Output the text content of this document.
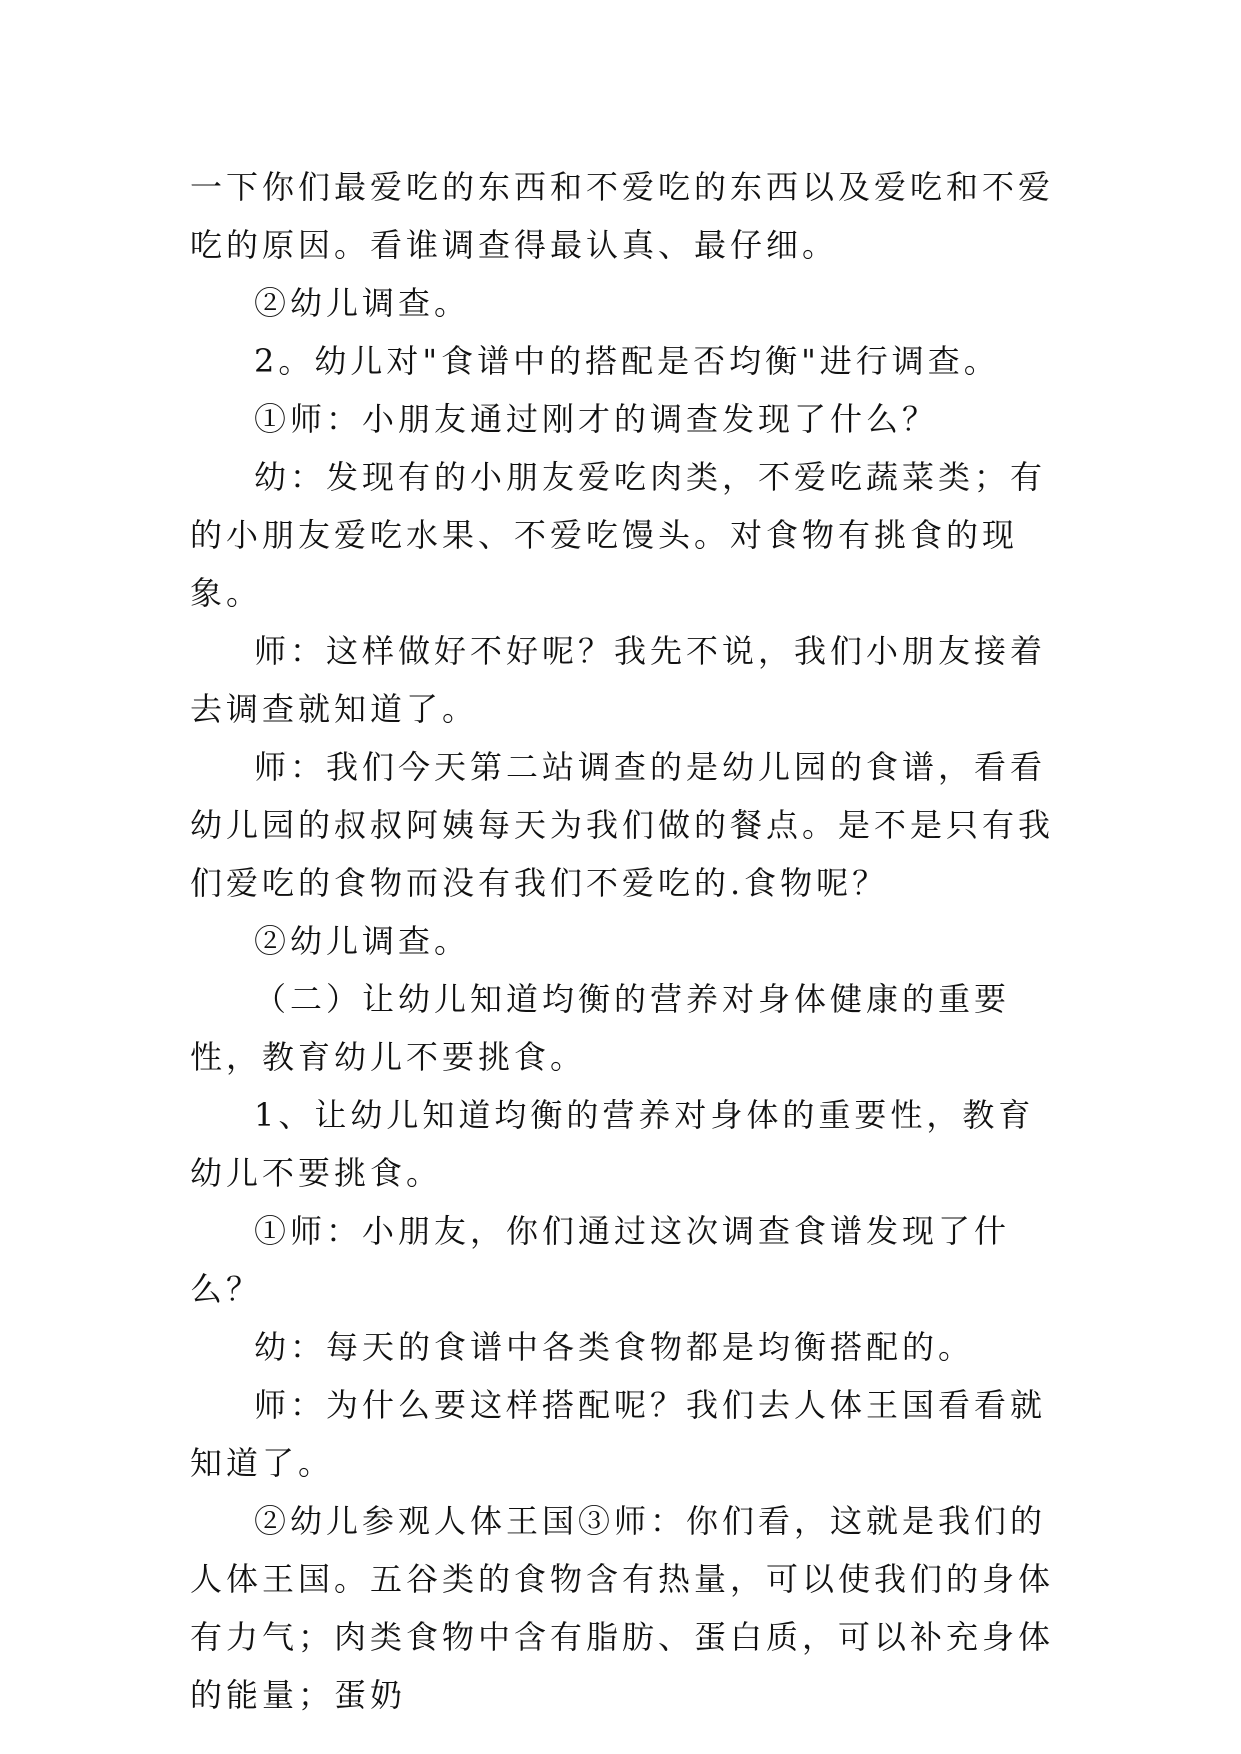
一下你们最爱吃的东西和不爱吃的东西以及爱吃和不爱吃的原因。看谁调查得最认真、最仔细。

②幼儿调查。

2。幼儿对"食谱中的搭配是否均衡"进行调查。

①师：小朋友通过刚才的调查发现了什么？

幼：发现有的小朋友爱吃肉类，不爱吃蔬菜类；有的小朋友爱吃水果、不爱吃馒头。对食物有挑食的现象。

师：这样做好不好呢？我先不说，我们小朋友接着去调查就知道了。

师：我们今天第二站调查的是幼儿园的食谱，看看幼儿园的叔叔阿姨每天为我们做的餐点。是不是只有我们爱吃的食物而没有我们不爱吃的.食物呢？

②幼儿调查。

（二）让幼儿知道均衡的营养对身体健康的重要性，教育幼儿不要挑食。

1、让幼儿知道均衡的营养对身体的重要性，教育幼儿不要挑食。

①师：小朋友，你们通过这次调查食谱发现了什么？

幼：每天的食谱中各类食物都是均衡搭配的。

师：为什么要这样搭配呢？我们去人体王国看看就知道了。

②幼儿参观人体王国③师：你们看，这就是我们的人体王国。五谷类的食物含有热量，可以使我们的身体有力气；肉类食物中含有脂肪、蛋白质，可以补充身体的能量；蛋奶
